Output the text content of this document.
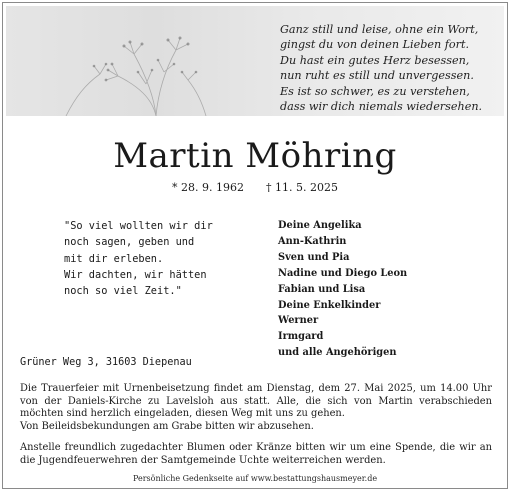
Ganz still und leise, ohne ein Wort,
gingst du von deinen Lieben fort.
Du hast ein gutes Herz besessen,
nun ruht es still und unvergessen.
Es ist so schwer, es zu verstehen,
dass wir dich niemals wiedersehen.
Martin Möhring
* 28. 9. 1962 † 11. 5. 2025
"So viel wollten wir dir
noch sagen, geben und
mit dir erleben.
Wir dachten, wir hätten
noch so viel Zeit."
Deine Angelika
Ann-Kathrin
Sven und Pia
Nadine und Diego Leon
Fabian und Lisa
Deine Enkelkinder
Werner
Irmgard
und alle Angehörigen
Grüner Weg 3, 31603 Diepenau
Die Trauerfeier mit Urnenbeisetzung findet am Dienstag, dem 27. Mai 2025, um 14.00 Uhr von der Daniels-Kirche zu Lavelsloh aus statt. Alle, die sich von Martin verabschieden möchten sind herzlich eingeladen, diesen Weg mit uns zu gehen.
Von Beileidsbekundungen am Grabe bitten wir abzusehen.
Anstelle freundlich zugedachter Blumen oder Kränze bitten wir um eine Spende, die wir an die Jugendfeuerwehren der Samtgemeinde Uchte weiterreichen werden.
Persönliche Gedenkseite auf www.bestattungshausmeyer.de
